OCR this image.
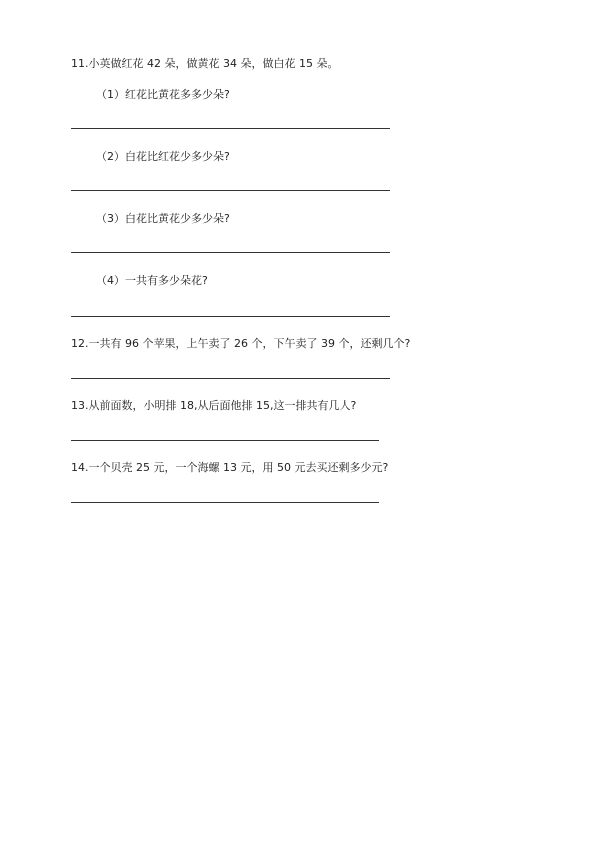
11.小英做红花 42 朵，做黄花 34 朵，做白花 15 朵。
（1）红花比黄花多多少朵?
（2）白花比红花少多少朵?
（3）白花比黄花少多少朵?
（4）一共有多少朵花?
12.一共有 96 个苹果，上午卖了 26 个，下午卖了 39 个，还剩几个?
13.从前面数，小明排 18,从后面他排 15,这一排共有几人?
14.一个贝壳 25 元，一个海螺 13 元，用 50 元去买还剩多少元?
